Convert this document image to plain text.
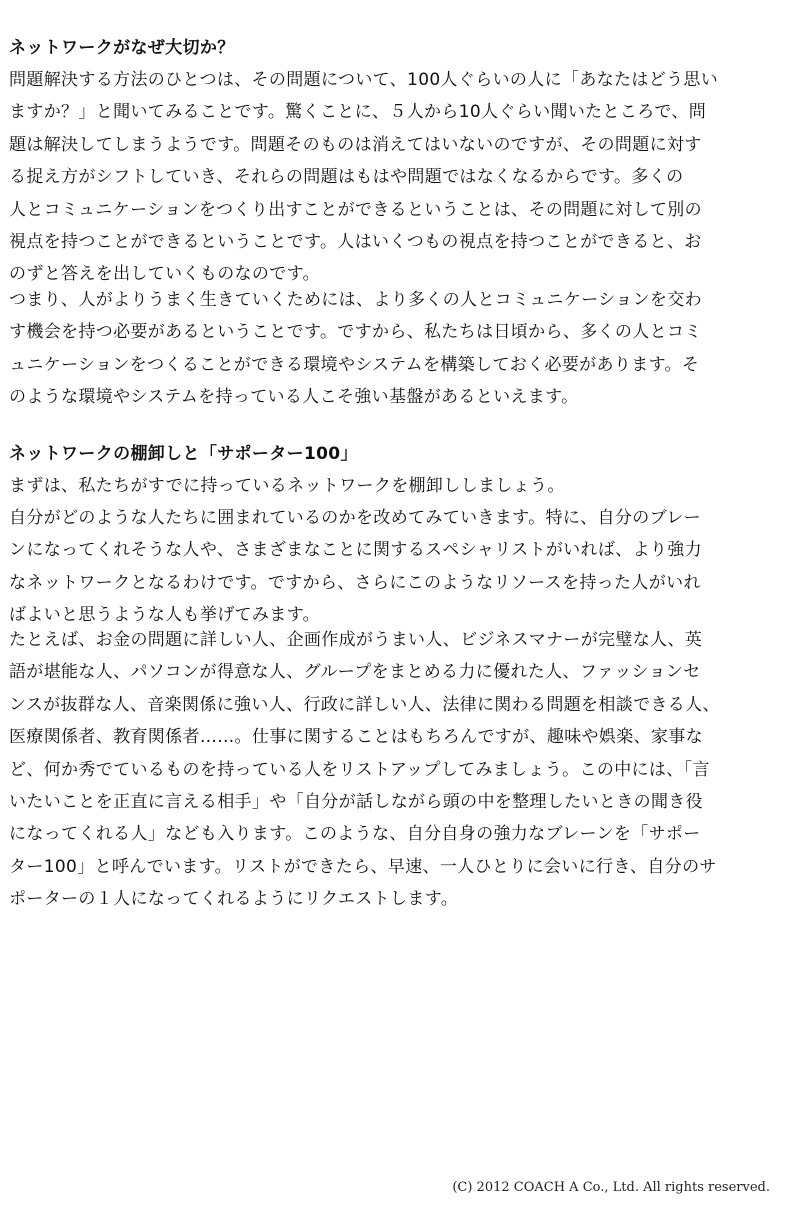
ネットワークがなぜ大切か？

問題解決する方法のひとつは、その問題について、100人ぐらいの人に「あなたはどう思い
ますか？」と聞いてみることです。驚くことに、５人から10人ぐらい聞いたところで、問
題は解決してしまうようです。問題そのものは消えてはいないのですが、その問題に対す
る捉え方がシフトしていき、それらの問題はもはや問題ではなくなるからです。多くの
人とコミュニケーションをつくり出すことができるということは、その問題に対して別の
視点を持つことができるということです。人はいくつもの視点を持つことができると、お
のずと答えを出していくものなのです。

つまり、人がよりうまく生きていくためには、より多くの人とコミュニケーションを交わ
す機会を持つ必要があるということです。ですから、私たちは日頃から、多くの人とコミ
ュニケーションをつくることができる環境やシステムを構築しておく必要があります。そ
のような環境やシステムを持っている人こそ強い基盤があるといえます。

ネットワークの棚卸しと「サポーター100」

まずは、私たちがすでに持っているネットワークを棚卸ししましょう。

自分がどのような人たちに囲まれているのかを改めてみていきます。特に、自分のブレー
ンになってくれそうな人や、さまざまなことに関するスペシャリストがいれば、より強力
なネットワークとなるわけです。ですから、さらにこのようなリソースを持った人がいれ
ばよいと思うような人も挙げてみます。

たとえば、お金の問題に詳しい人、企画作成がうまい人、ビジネスマナーが完璧な人、英
語が堪能な人、パソコンが得意な人、グループをまとめる力に優れた人、ファッションセ
ンスが抜群な人、音楽関係に強い人、行政に詳しい人、法律に関わる問題を相談できる人、
医療関係者、教育関係者……。仕事に関することはもちろんですが、趣味や娯楽、家事な
ど、何か秀でているものを持っている人をリストアップしてみましょう。この中には、「言
いたいことを正直に言える相手」や「自分が話しながら頭の中を整理したいときの聞き役
になってくれる人」なども入ります。このような、自分自身の強力なブレーンを「サポー
ター100」と呼んでいます。リストができたら、早速、一人ひとりに会いに行き、自分のサ
ポーターの１人になってくれるようにリクエストします。

(C) 2012 COACH A Co., Ltd. All rights reserved.
